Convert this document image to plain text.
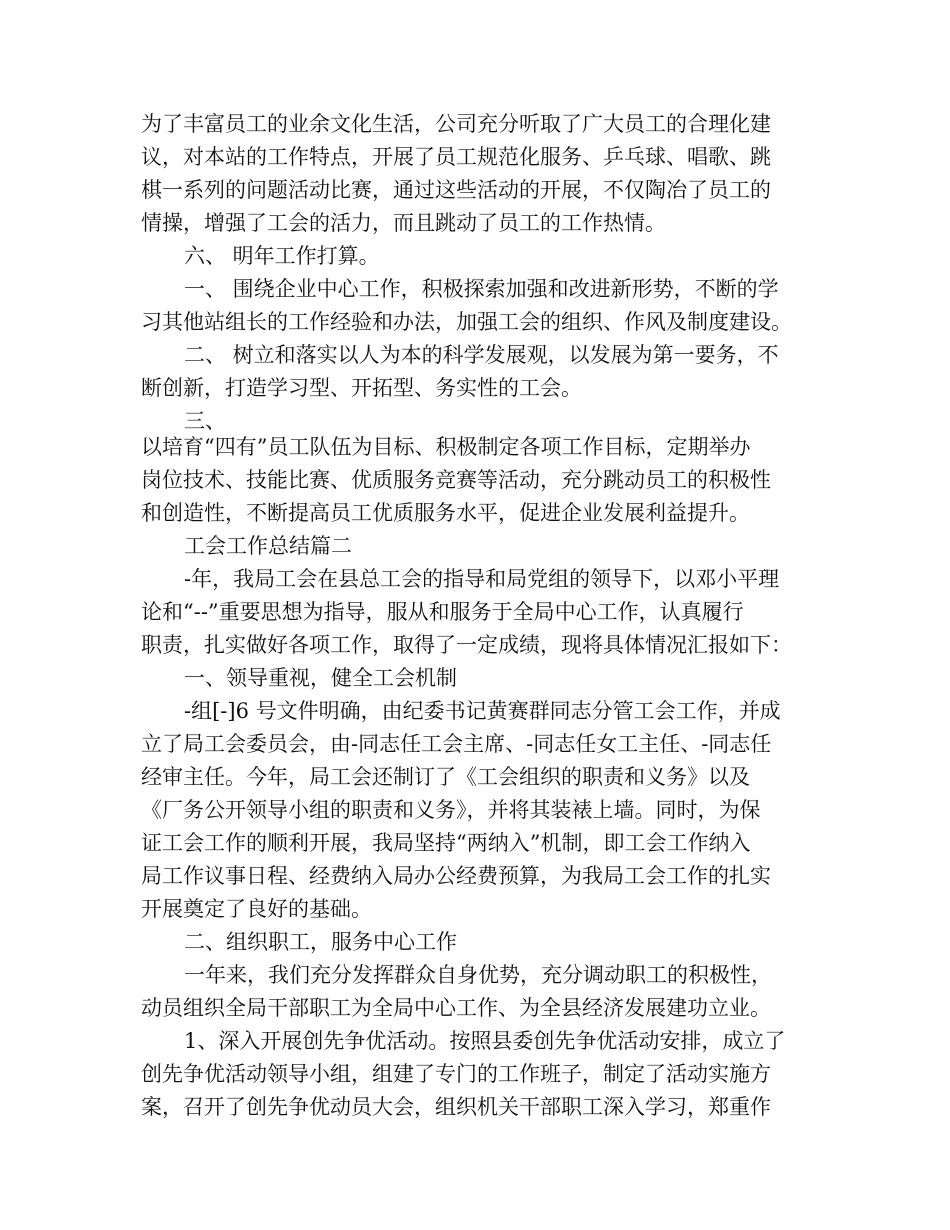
为了丰富员工的业余文化生活，公司充分听取了广大员工的合理化建
议，对本站的工作特点，开展了员工规范化服务、乒乓球、唱歌、跳
棋一系列的问题活动比赛，通过这些活动的开展，不仅陶冶了员工的
情操，增强了工会的活力，而且跳动了员工的工作热情。
六、 明年工作打算。
一、 围绕企业中心工作，积极探索加强和改进新形势，不断的学
习其他站组长的工作经验和办法，加强工会的组织、作风及制度建设。
二、 树立和落实以人为本的科学发展观，以发展为第一要务，不
断创新，打造学习型、开拓型、务实性的工会。
三、
以培育“四有”员工队伍为目标、积极制定各项工作目标，定期举办
岗位技术、技能比赛、优质服务竞赛等活动，充分跳动员工的积极性
和创造性，不断提高员工优质服务水平，促进企业发展利益提升。
工会工作总结篇二
-年，我局工会在县总工会的指导和局党组的领导下，以邓小平理
论和“--”重要思想为指导，服从和服务于全局中心工作，认真履行
职责，扎实做好各项工作，取得了一定成绩，现将具体情况汇报如下：
一、领导重视，健全工会机制
-组[-]6 号文件明确，由纪委书记黄赛群同志分管工会工作，并成
立了局工会委员会，由-同志任工会主席、-同志任女工主任、-同志任
经审主任。今年，局工会还制订了《工会组织的职责和义务》以及
《厂务公开领导小组的职责和义务》，并将其装裱上墙。同时，为保
证工会工作的顺利开展，我局坚持“两纳入”机制，即工会工作纳入
局工作议事日程、经费纳入局办公经费预算，为我局工会工作的扎实
开展奠定了良好的基础。
二、组织职工，服务中心工作
一年来，我们充分发挥群众自身优势，充分调动职工的积极性，
动员组织全局干部职工为全局中心工作、为全县经济发展建功立业。
1、深入开展创先争优活动。按照县委创先争优活动安排，成立了
创先争优活动领导小组，组建了专门的工作班子，制定了活动实施方
案，召开了创先争优动员大会，组织机关干部职工深入学习，郑重作
